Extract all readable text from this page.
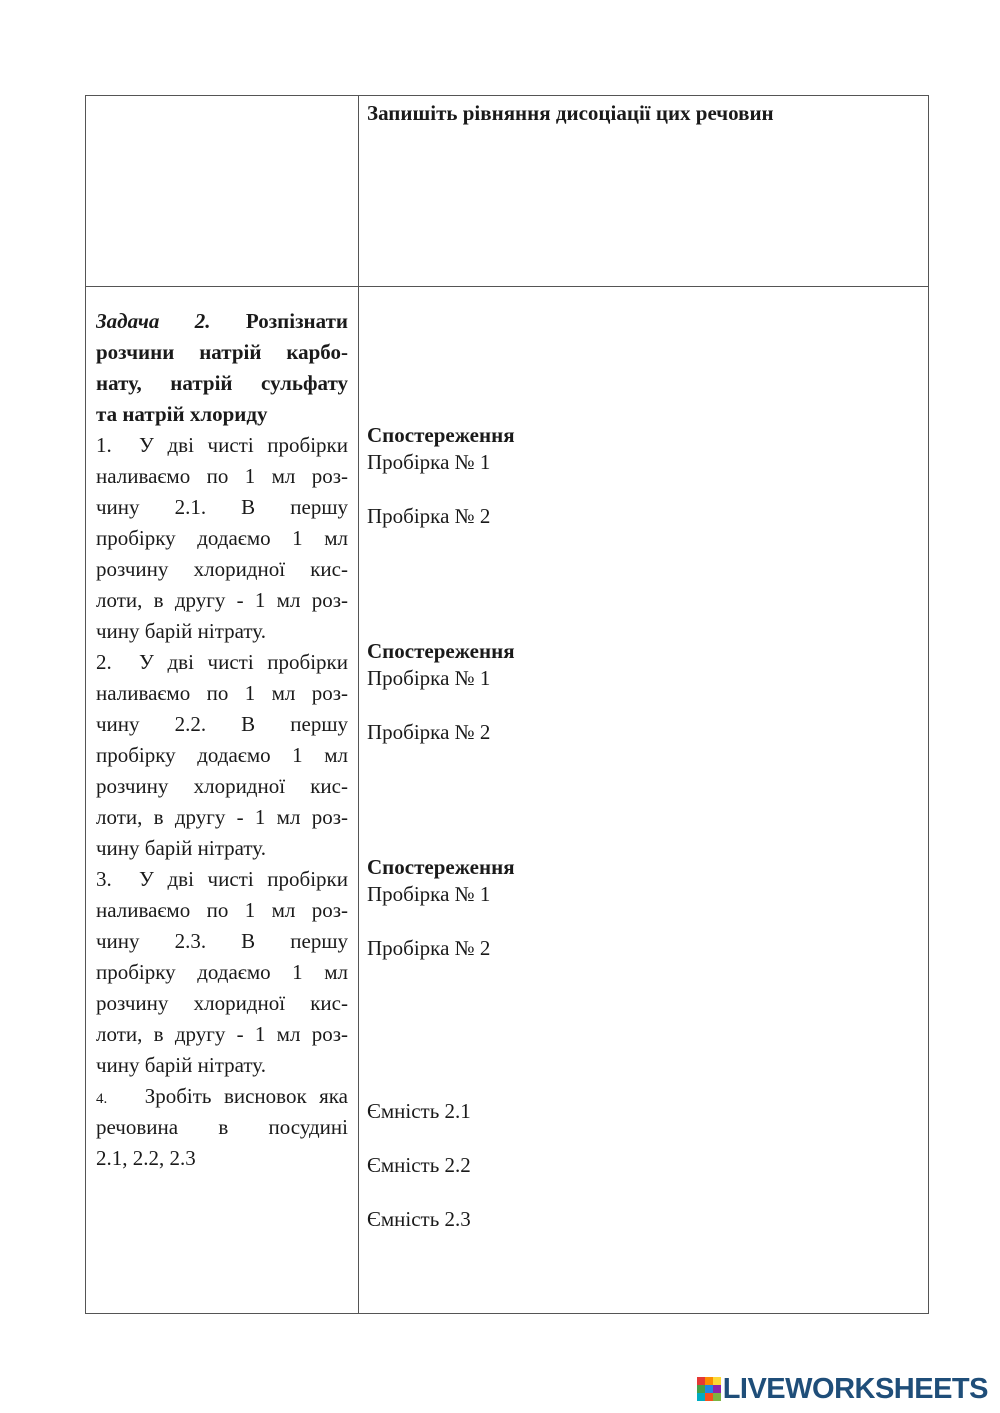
Запишіть рівняння дисоціації цих речовин
Задача 2. Розпізнати
розчини натрій карбо-
нату, натрій сульфату
та натрій хлориду
1. У дві чисті пробірки
наливаємо по 1 мл роз-
чину 2.1. В першу
пробірку додаємо 1 мл
розчину хлоридної кис-
лоти, в другу - 1 мл роз-
чину барій нітрату.
2. У дві чисті пробірки
наливаємо по 1 мл роз-
чину 2.2. В першу
пробірку додаємо 1 мл
розчину хлоридної кис-
лоти, в другу - 1 мл роз-
чину барій нітрату.
3. У дві чисті пробірки
наливаємо по 1 мл роз-
чину 2.3. В першу
пробірку додаємо 1 мл
розчину хлоридної кис-
лоти, в другу - 1 мл роз-
чину барій нітрату.
4. Зробіть висновок яка
речовина в посудині
2.1, 2.2, 2.3
Спостереження
Пробірка № 1
Пробірка № 2
Спостереження
Пробірка № 1
Пробірка № 2
Спостереження
Пробірка № 1
Пробірка № 2
Ємність 2.1
Ємність 2.2
Ємність 2.3
LIVEWORKSHEETS
